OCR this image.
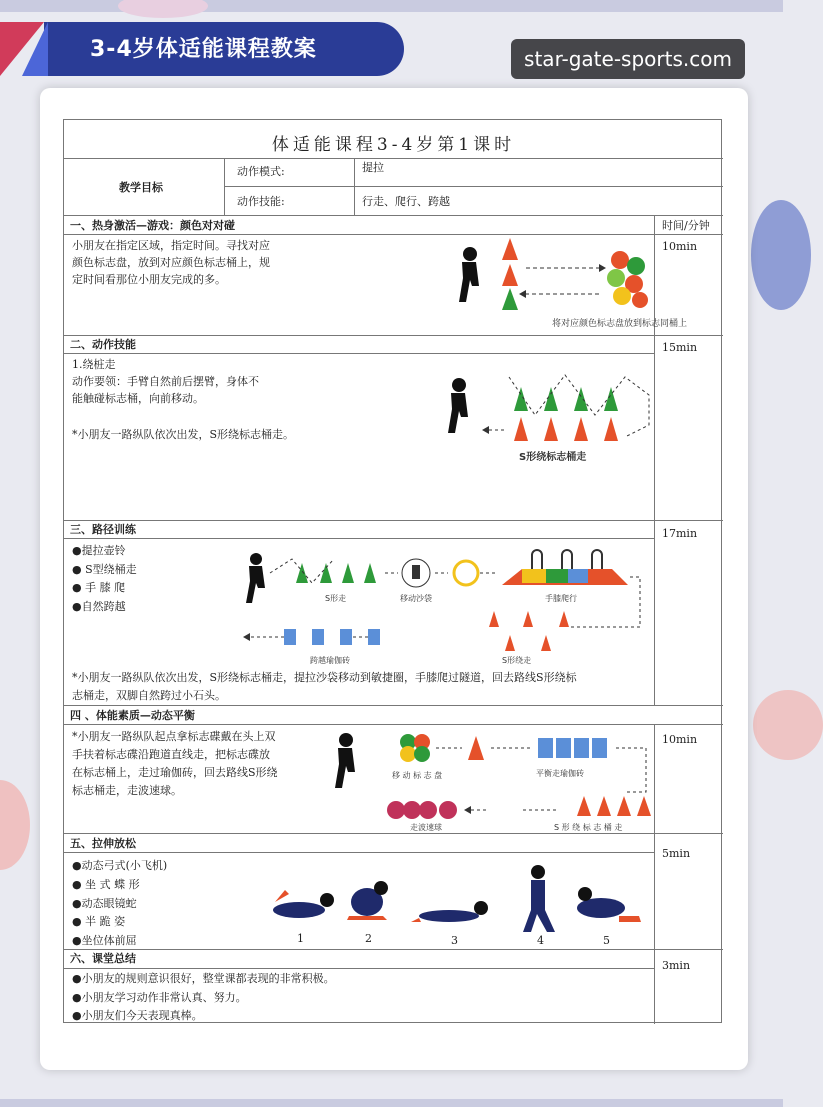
3-4岁体适能课程教案	star-gate-sports.com
体适能课程3-4岁第1课时
教学目标
动作模式:	提拉
动作技能:	行走、爬行、跨越
时间/分钟
一、热身激活—游戏：颜色对对碰
小朋友在指定区域，指定时间。寻找对应
颜色标志盘，放到对应颜色标志桶上，规
定时间看那位小朋友完成的多。
10min
二、动作技能
1.绕桩走
动作要领：手臂自然前后摆臂，身体不
能触碰标志桶，向前移动。
*小朋友一路纵队依次出发，S形绕标志桶走。
15min
三、路径训练
●提拉壶铃
● S型绕桶走
● 手 膝 爬
●自然跨越
*小朋友一路纵队依次出发，S形绕标志桶走，提拉沙袋移动到敏捷圈，手膝爬过隧道，回去路线S形绕标
志桶走，双脚自然跨过小石头。
17min
四 、体能素质—动态平衡
*小朋友一路纵队起点拿标志碟戴在头上双
手扶着标志碟沿跑道直线走，把标志碟放
在标志桶上，走过瑜伽砖，回去路线S形绕
标志桶走，走波速球。
10min
五、拉伸放松
●动态弓式(小飞机)
● 坐 式 蝶 形
●动态眼镜蛇
● 半 跪 姿
●坐位体前屈
5min
六、课堂总结
●小朋友的规则意识很好，整堂课都表现的非常积极。
●小朋友学习动作非常认真、努力。
●小朋友们今天表现真棒。
3min
将对应颜色标志盘放到标志同桶上
S形绕标志桶走
S形走	移动沙袋	手膝爬行
S形绕走
跨越瑜伽砖
移 动 标 志 盘	平衡走瑜伽砖
走波速球	S 形 绕 标 志 桶 走
1	2	3	4	5
